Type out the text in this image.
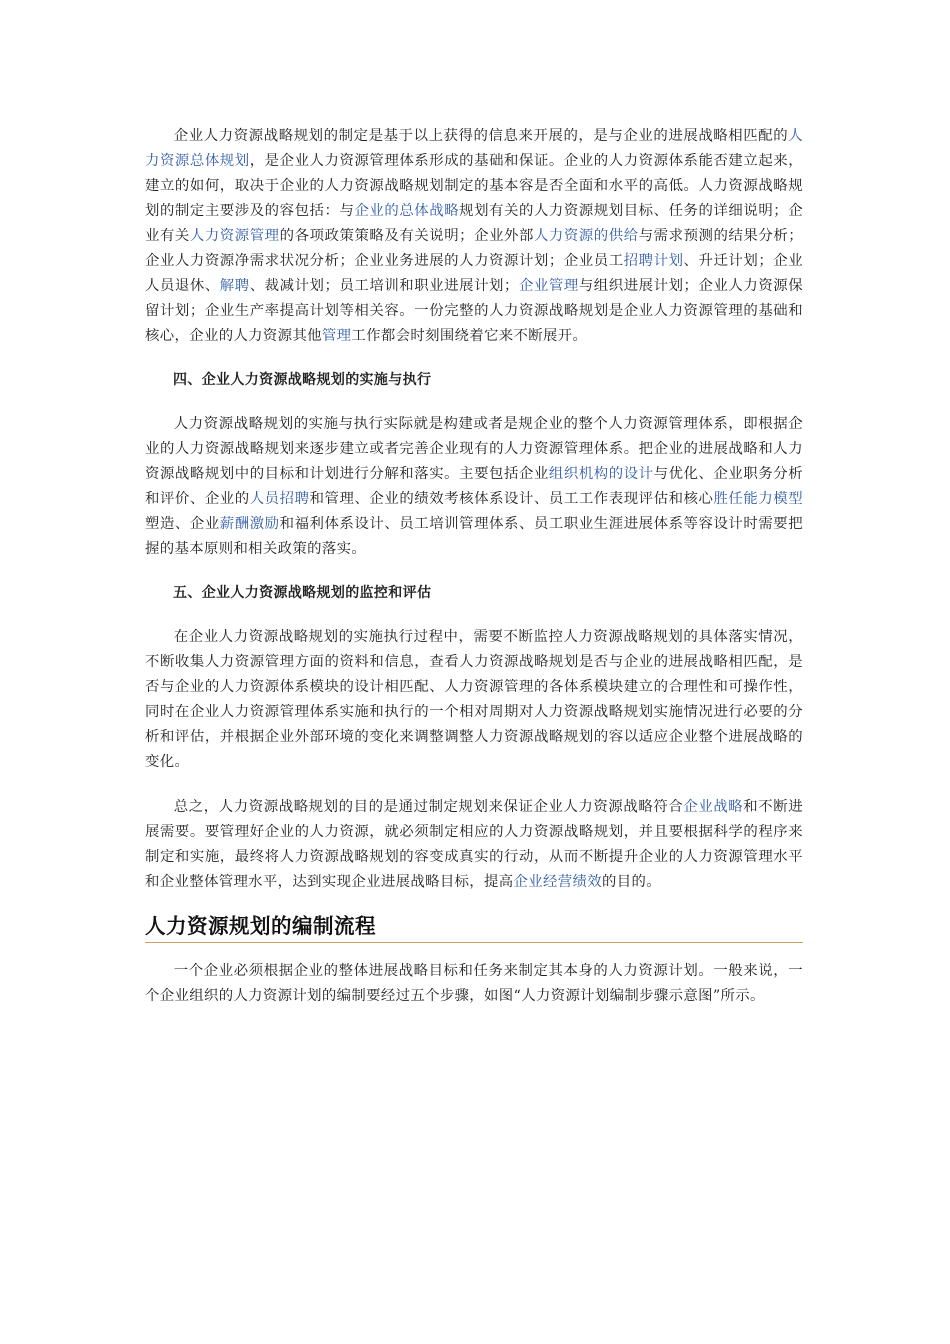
企业人力资源战略规划的制定是基于以上获得的信息来开展的，是与企业的进展战略相匹配的人力资源总体规划，是企业人力资源管理体系形成的基础和保证。企业的人力资源体系能否建立起来，建立的如何，取决于企业的人力资源战略规划制定的基本容是否全面和水平的高低。人力资源战略规划的制定主要涉及的容包括：与企业的总体战略规划有关的人力资源规划目标、任务的详细说明；企业有关人力资源管理的各项政策策略及有关说明；企业外部人力资源的供给与需求预测的结果分析；企业人力资源净需求状况分析；企业业务进展的人力资源计划；企业员工招聘计划、升迁计划；企业人员退休、解聘、裁减计划；员工培训和职业进展计划；企业管理与组织进展计划；企业人力资源保留计划；企业生产率提高计划等相关容。一份完整的人力资源战略规划是企业人力资源管理的基础和核心，企业的人力资源其他管理工作都会时刻围绕着它来不断展开。

四、企业人力资源战略规划的实施与执行

人力资源战略规划的实施与执行实际就是构建或者是规企业的整个人力资源管理体系，即根据企业的人力资源战略规划来逐步建立或者完善企业现有的人力资源管理体系。把企业的进展战略和人力资源战略规划中的目标和计划进行分解和落实。主要包括企业组织机构的设计与优化、企业职务分析和评价、企业的人员招聘和管理、企业的绩效考核体系设计、员工工作表现评估和核心胜任能力模型塑造、企业薪酬激励和福利体系设计、员工培训管理体系、员工职业生涯进展体系等容设计时需要把握的基本原则和相关政策的落实。

五、企业人力资源战略规划的监控和评估

在企业人力资源战略规划的实施执行过程中，需要不断监控人力资源战略规划的具体落实情况，不断收集人力资源管理方面的资料和信息，查看人力资源战略规划是否与企业的进展战略相匹配，是否与企业的人力资源体系模块的设计相匹配、人力资源管理的各体系模块建立的合理性和可操作性，同时在企业人力资源管理体系实施和执行的一个相对周期对人力资源战略规划实施情况进行必要的分析和评估，并根据企业外部环境的变化来调整调整人力资源战略规划的容以适应企业整个进展战略的变化。

总之，人力资源战略规划的目的是通过制定规划来保证企业人力资源战略符合企业战略和不断进展需要。要管理好企业的人力资源，就必须制定相应的人力资源战略规划，并且要根据科学的程序来制定和实施，最终将人力资源战略规划的容变成真实的行动，从而不断提升企业的人力资源管理水平和企业整体管理水平，达到实现企业进展战略目标，提高企业经营绩效的目的。

人力资源规划的编制流程

一个企业必须根据企业的整体进展战略目标和任务来制定其本身的人力资源计划。一般来说，一个企业组织的人力资源计划的编制要经过五个步骤，如图“人力资源计划编制步骤示意图”所示。
